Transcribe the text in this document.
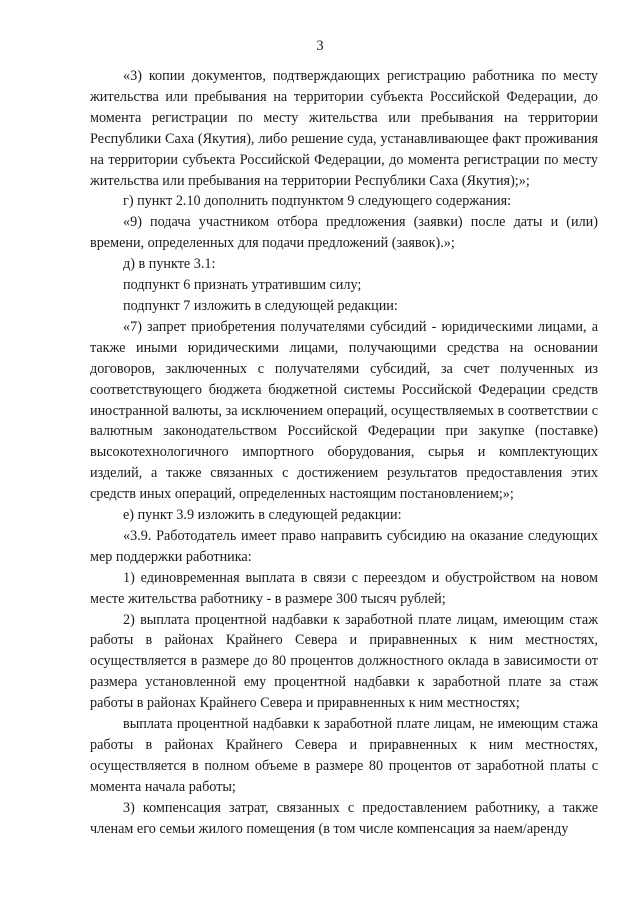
3

«3) копии документов, подтверждающих регистрацию работника по месту жительства или пребывания на территории субъекта Российской Федерации, до момента регистрации по месту жительства или пребывания на территории Республики Саха (Якутия), либо решение суда, устанавливающее факт проживания на территории субъекта Российской Федерации, до момента регистрации по месту жительства или пребывания на территории Республики Саха (Якутия);»;

г) пункт 2.10 дополнить подпунктом 9 следующего содержания:

«9) подача участником отбора предложения (заявки) после даты и (или) времени, определенных для подачи предложений (заявок).»;

д) в пункте 3.1:

подпункт 6 признать утратившим силу;

подпункт 7 изложить в следующей редакции:

«7) запрет приобретения получателями субсидий - юридическими лицами, а также иными юридическими лицами, получающими средства на основании договоров, заключенных с получателями субсидий, за счет полученных из соответствующего бюджета бюджетной системы Российской Федерации средств иностранной валюты, за исключением операций, осуществляемых в соответствии с валютным законодательством Российской Федерации при закупке (поставке) высокотехнологичного импортного оборудования, сырья и комплектующих изделий, а также связанных с достижением результатов предоставления этих средств иных операций, определенных настоящим постановлением;»;

е) пункт 3.9 изложить в следующей редакции:

«3.9. Работодатель имеет право направить субсидию на оказание следующих мер поддержки работника:

1) единовременная выплата в связи с переездом и обустройством на новом месте жительства работнику - в размере 300 тысяч рублей;

2) выплата процентной надбавки к заработной плате лицам, имеющим стаж работы в районах Крайнего Севера и приравненных к ним местностях, осуществляется в размере до 80 процентов должностного оклада в зависимости от размера установленной ему процентной надбавки к заработной плате за стаж работы в районах Крайнего Севера и приравненных к ним местностях;

выплата процентной надбавки к заработной плате лицам, не имеющим стажа работы в районах Крайнего Севера и приравненных к ним местностях, осуществляется в полном объеме в размере 80 процентов от заработной платы с момента начала работы;

3) компенсация затрат, связанных с предоставлением работнику, а также членам его семьи жилого помещения (в том числе компенсация за наем/аренду
